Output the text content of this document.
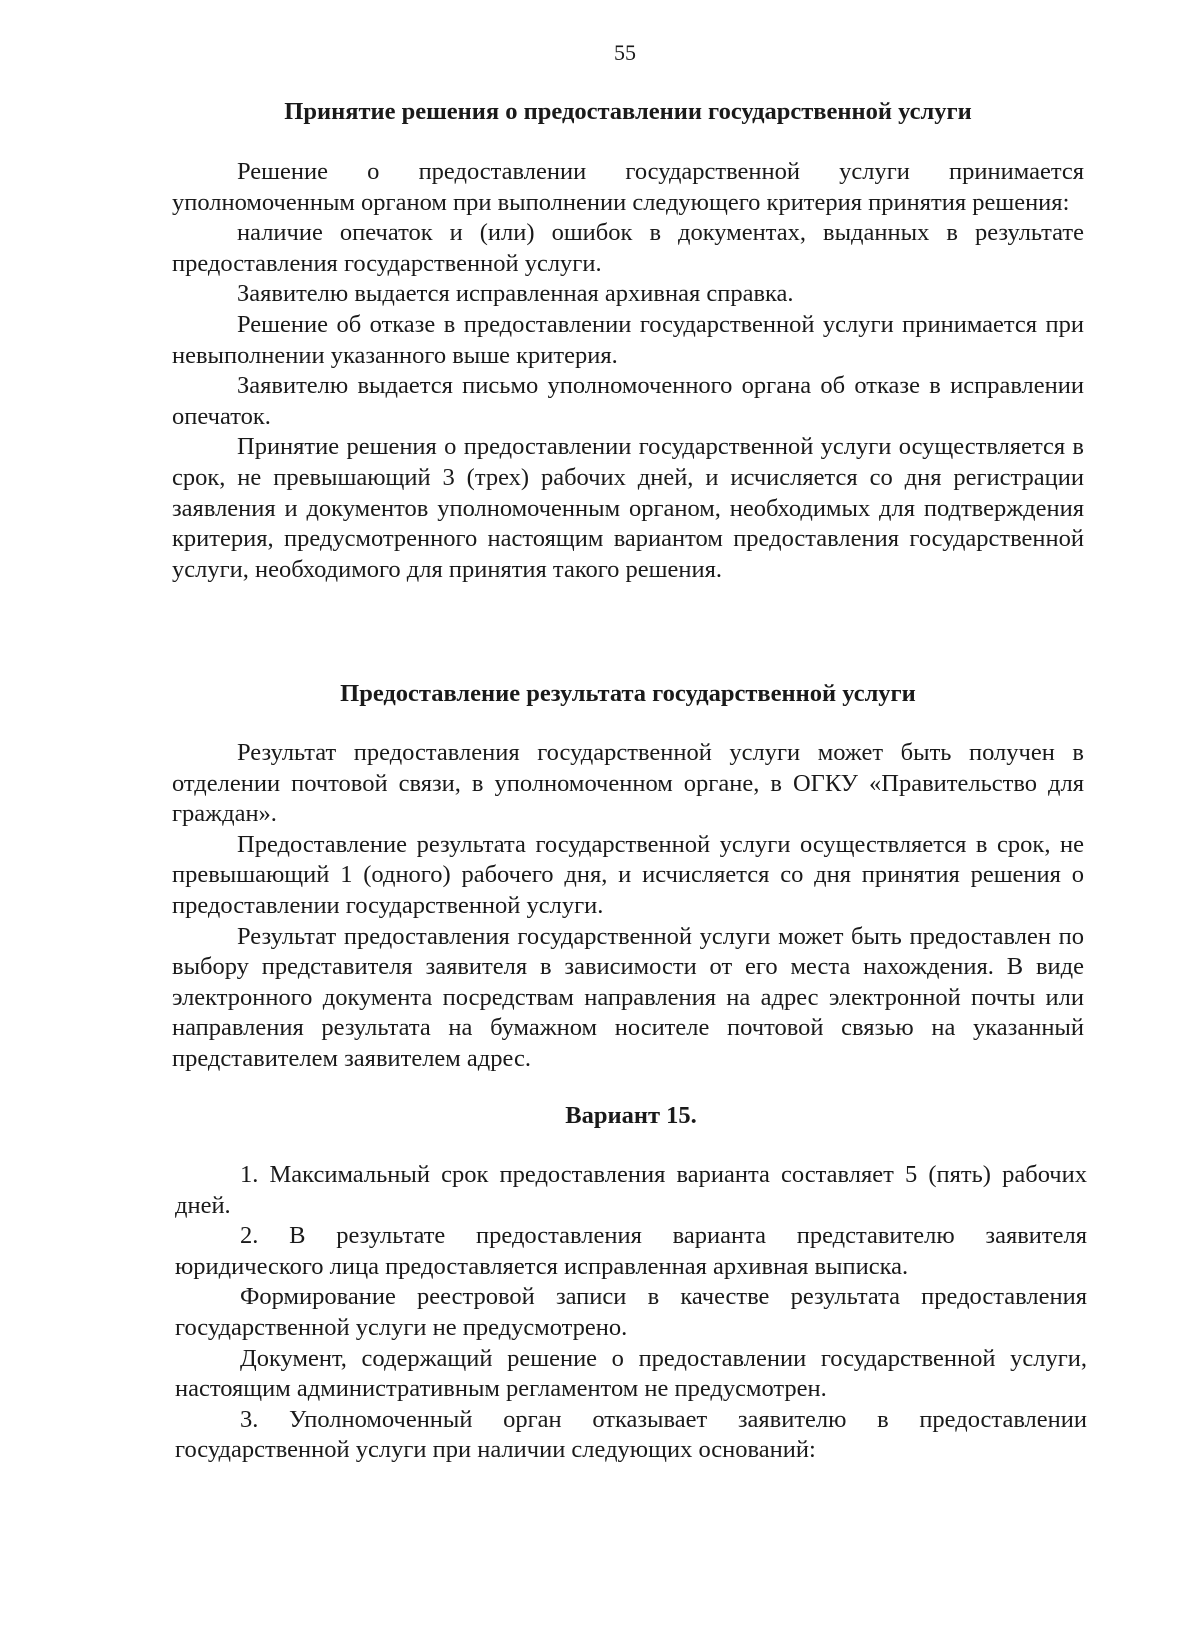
55
Принятие решения о предоставлении государственной услуги

Решение о предоставлении государственной услуги принимается уполномоченным органом при выполнении следующего критерия принятия решения:

наличие опечаток и (или) ошибок в документах, выданных в результате предоставления государственной услуги.

Заявителю выдается исправленная архивная справка.

Решение об отказе в предоставлении государственной услуги принимается при невыполнении указанного выше критерия.

Заявителю выдается письмо уполномоченного органа об отказе в исправлении опечаток.

Принятие решения о предоставлении государственной услуги осуществляется в срок, не превышающий 3 (трех) рабочих дней, и исчисляется со дня регистрации заявления и документов уполномоченным органом, необходимых для подтверждения критерия, предусмотренного настоящим вариантом предоставления государственной услуги, необходимого для принятия такого решения.

Предоставление результата государственной услуги

Результат предоставления государственной услуги может быть получен в отделении почтовой связи, в уполномоченном органе, в ОГКУ «Правительство для граждан».

Предоставление результата государственной услуги осуществляется в срок, не превышающий 1 (одного) рабочего дня, и исчисляется со дня принятия решения о предоставлении государственной услуги.

Результат предоставления государственной услуги может быть предоставлен по выбору представителя заявителя в зависимости от его места нахождения. В виде электронного документа посредствам направления на адрес электронной почты или направления результата на бумажном носителе почтовой связью на указанный представителем заявителем адрес.

Вариант 15.

1. Максимальный срок предоставления варианта составляет 5 (пять) рабочих дней.

2. В результате предоставления варианта представителю заявителя юридического лица предоставляется исправленная архивная выписка.

Формирование реестровой записи в качестве результата предоставления государственной услуги не предусмотрено.

Документ, содержащий решение о предоставлении государственной услуги, настоящим административным регламентом не предусмотрен.

3. Уполномоченный орган отказывает заявителю в предоставлении государственной услуги при наличии следующих оснований:
